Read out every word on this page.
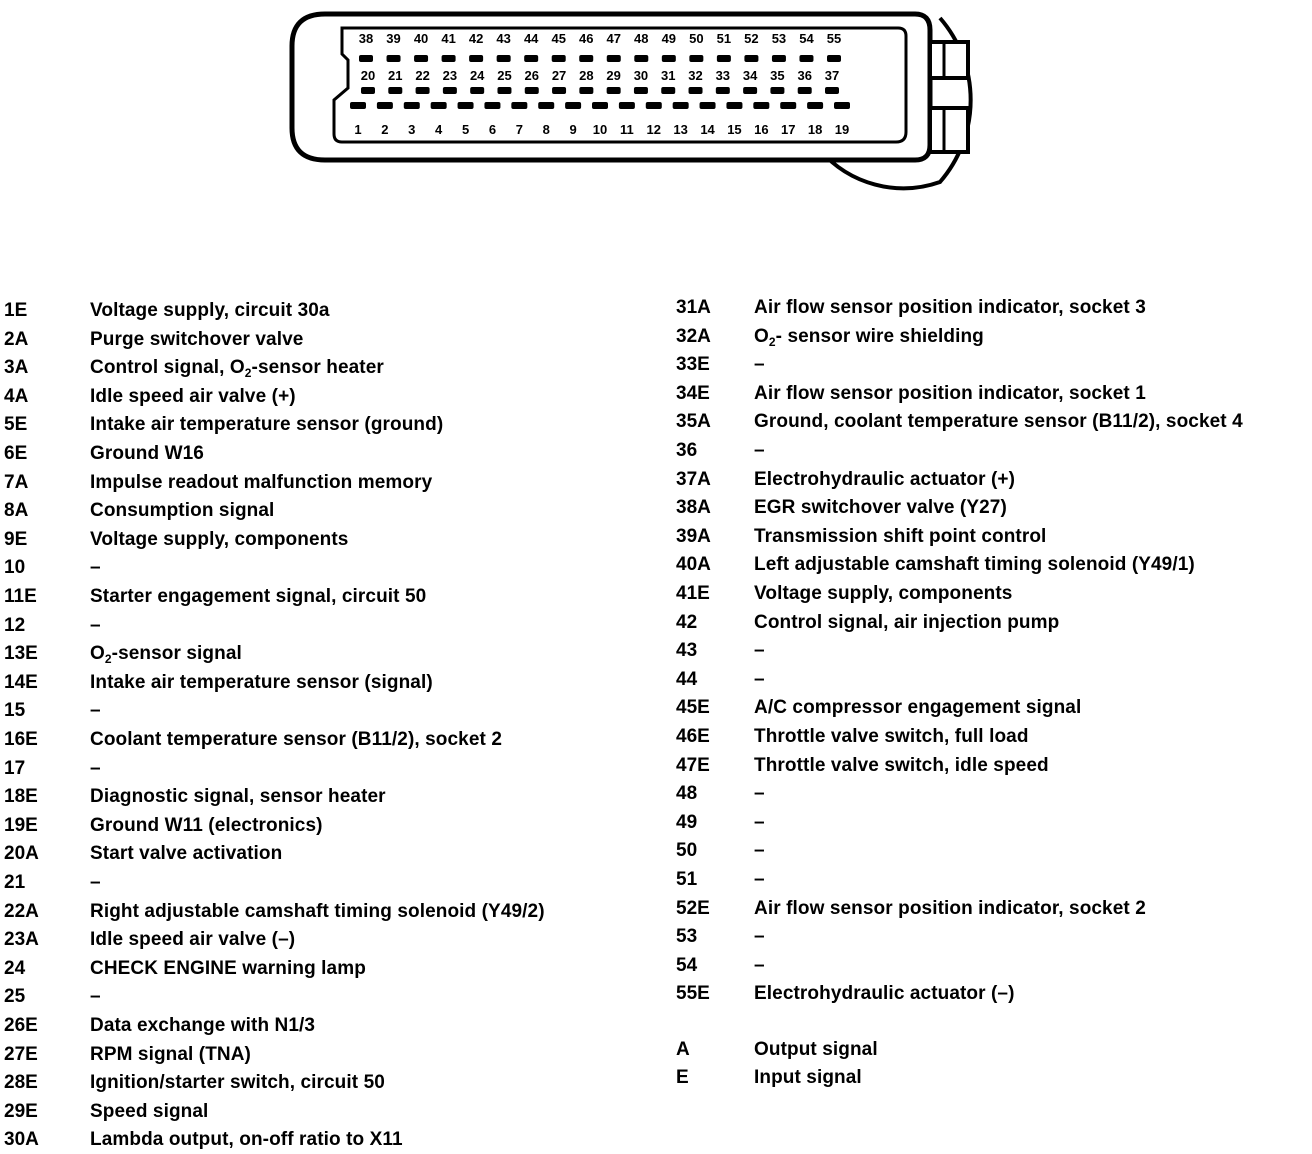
38 39 40 41 42 43 44 45 46 47 48 49 50 51 52 53 54 55
20 21 22 23 24 25 26 27 28 29 30 31 32 33 34 35 36 37
1 2 3 4 5 6 7 8 9 10 11 12 13 14 15 16 17 18 19
1E	Voltage supply, circuit 30a
2A	Purge switchover valve
3A	Control signal, $O_2$-sensor heater
4A	Idle speed air valve (+)
5E	Intake air temperature sensor (ground)
6E	Ground W16
7A	Impulse readout malfunction memory
8A	Consumption signal
9E	Voltage supply, components
10	–
11E	Starter engagement signal, circuit 50
12	–
13E	$O_2$-sensor signal
14E	Intake air temperature sensor (signal)
15	–
16E	Coolant temperature sensor (B11/2), socket 2
17	–
18E	Diagnostic signal, sensor heater
19E	Ground W11 (electronics)
20A	Start valve activation
21	–
22A	Right adjustable camshaft timing solenoid (Y49/2)
23A	Idle speed air valve (–)
24	CHECK ENGINE warning lamp
25	–
26E	Data exchange with N1/3
27E	RPM signal (TNA)
28E	Ignition/starter switch, circuit 50
29E	Speed signal
30A	Lambda output, on-off ratio to X11
31A Air flow sensor position indicator, socket 3
32A $O_2-$ sensor wire shielding
33E –
34E Air flow sensor position indicator, socket 1
35A Ground, coolant temperature sensor (B11/2), socket 4
36	–
37A Electrohydraulic actuator (+)
38A EGR switchover valve (Y27)
39A Transmission shift point control
40A Left adjustable camshaft timing solenoid (Y49/1)
41E Voltage supply, components
42	Control signal, air injection pump
43	–
44	–
45E A/C compressor engagement signal
46E Throttle valve switch, full load
47E Throttle valve switch, idle speed
48	–
49	–
50	–
51	–
52E Air flow sensor position indicator, socket 2
53	–
54	–
55E Electrohydraulic actuator (–)
A	Output signal
E	Input signal
